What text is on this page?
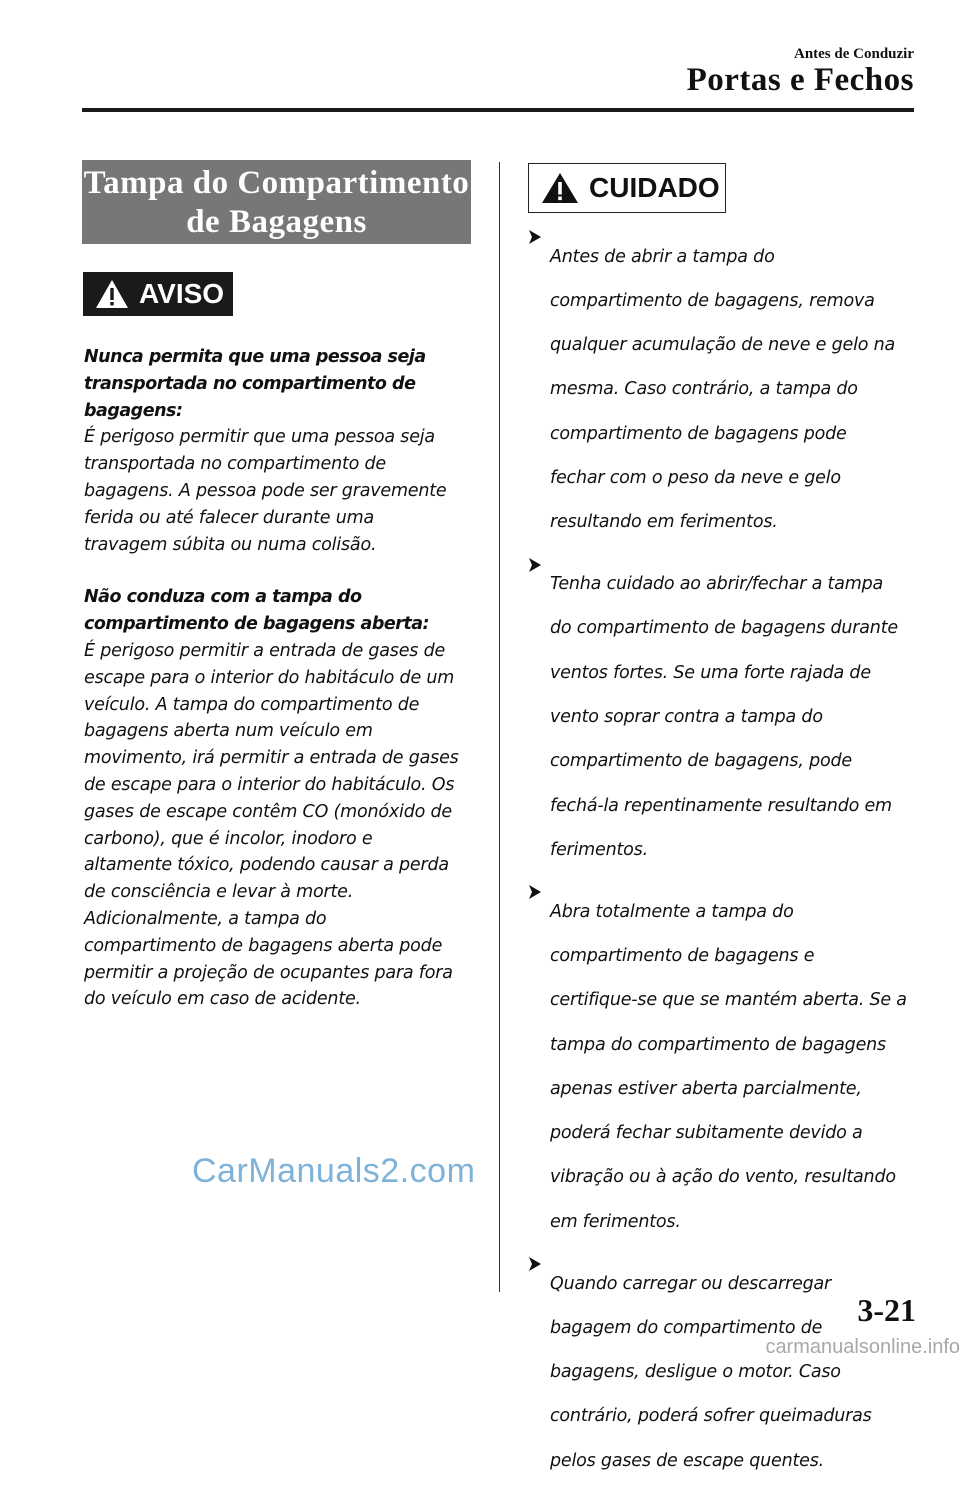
Antes de Conduzir
Portas e Fechos
Tampa do Compartimento
de Bagagens
AVISO

Nunca permita que uma pessoa seja

transportada no compartimento de

bagagens:

É perigoso permitir que uma pessoa seja

transportada no compartimento de

bagagens. A pessoa pode ser gravemente

ferida ou até falecer durante uma

travagem súbita ou numa colisão.

Não conduza com a tampa do

compartimento de bagagens aberta:

É perigoso permitir a entrada de gases de

escape para o interior do habitáculo de um

veículo. A tampa do compartimento de

bagagens aberta num veículo em

movimento, irá permitir a entrada de gases

de escape para o interior do habitáculo. Os

gases de escape contêm CO (monóxido de

carbono), que é incolor, inodoro e

altamente tóxico, podendo causar a perda

de consciência e levar à morte.

Adicionalmente, a tampa do

compartimento de bagagens aberta pode

permitir a projeção de ocupantes para fora

do veículo em caso de acidente.

CUIDADO

Antes de abrir a tampa do

compartimento de bagagens, remova

qualquer acumulação de neve e gelo na

mesma. Caso contrário, a tampa do

compartimento de bagagens pode

fechar com o peso da neve e gelo

resultando em ferimentos.

Tenha cuidado ao abrir/fechar a tampa

do compartimento de bagagens durante

ventos fortes. Se uma forte rajada de

vento soprar contra a tampa do

compartimento de bagagens, pode

fechá-la repentinamente resultando em

ferimentos.

Abra totalmente a tampa do

compartimento de bagagens e

certifique-se que se mantém aberta. Se a

tampa do compartimento de bagagens

apenas estiver aberta parcialmente,

poderá fechar subitamente devido a

vibração ou à ação do vento, resultando

em ferimentos.

Quando carregar ou descarregar

bagagem do compartimento de

bagagens, desligue o motor. Caso

contrário, poderá sofrer queimaduras

pelos gases de escape quentes.

CarManuals2.com
3-21
carmanualsonline.info
